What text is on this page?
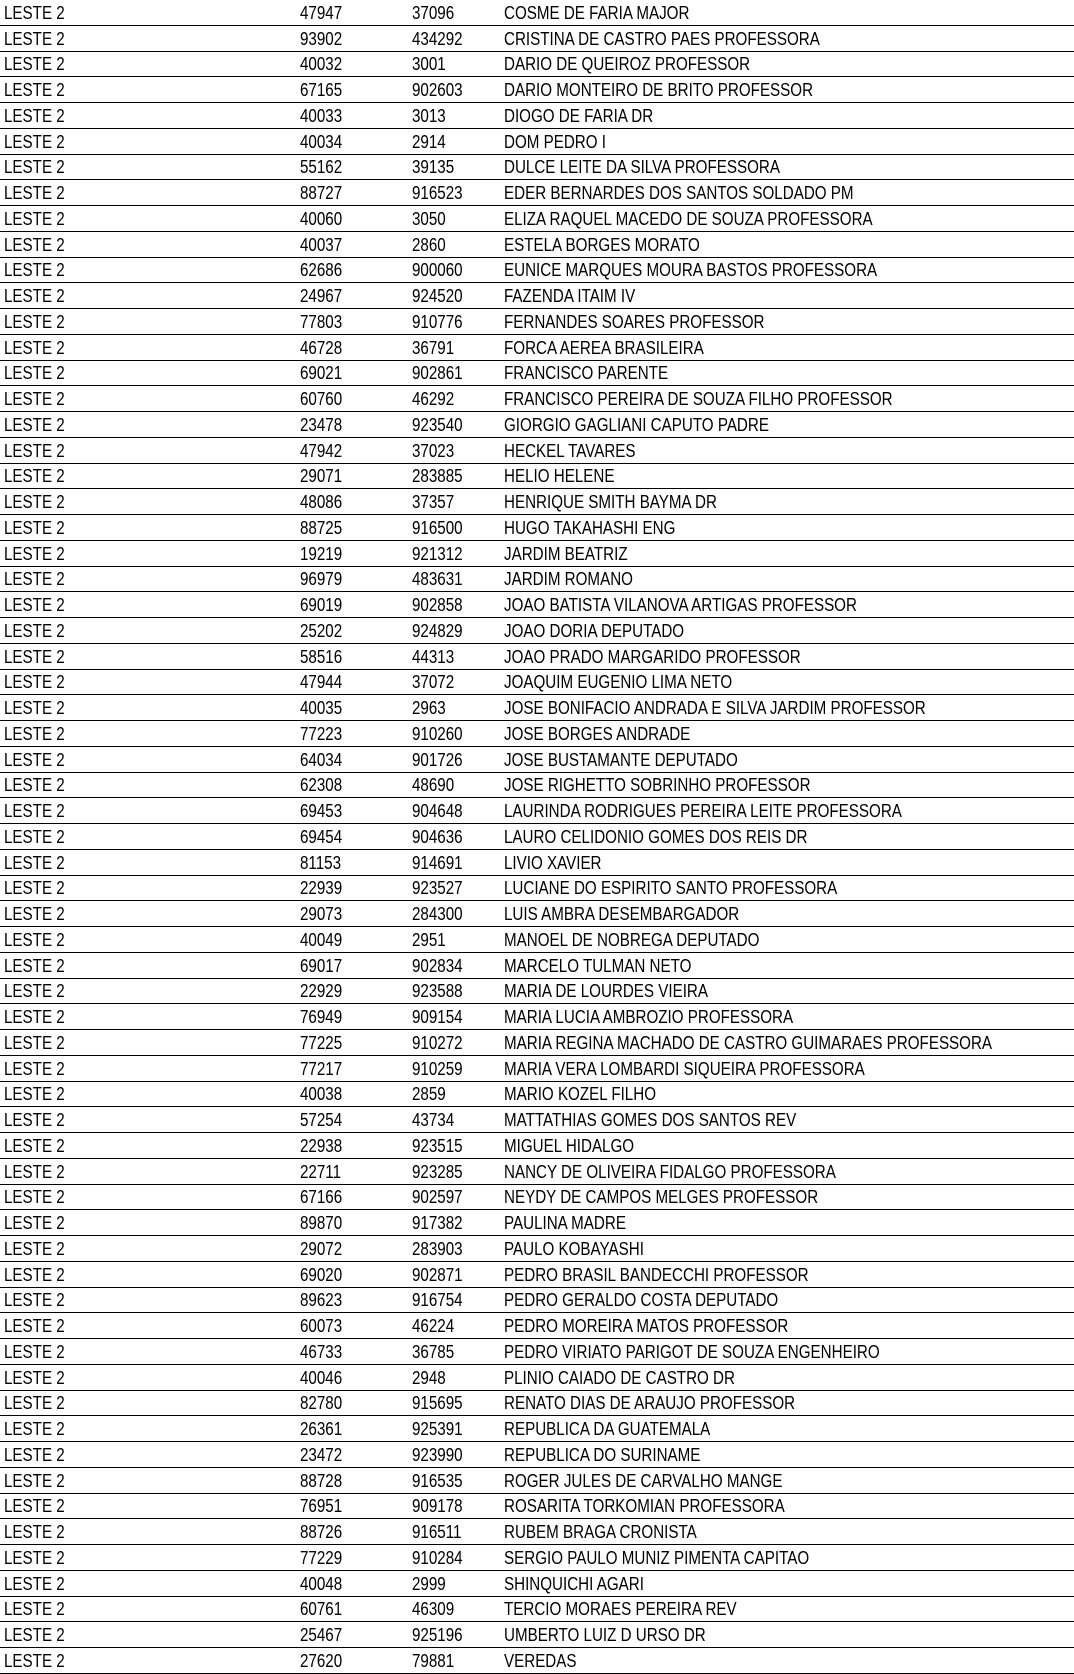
LESTE 2	47947	37096	COSME DE FARIA MAJOR
LESTE 2	93902	434292	CRISTINA DE CASTRO PAES PROFESSORA
LESTE 2	40032	3001	DARIO DE QUEIROZ PROFESSOR
LESTE 2	67165	902603	DARIO MONTEIRO DE BRITO PROFESSOR
LESTE 2	40033	3013	DIOGO DE FARIA DR
LESTE 2	40034	2914	DOM PEDRO I
LESTE 2	55162	39135	DULCE LEITE DA SILVA PROFESSORA
LESTE 2	88727	916523	EDER BERNARDES DOS SANTOS SOLDADO PM
LESTE 2	40060	3050	ELIZA RAQUEL MACEDO DE SOUZA PROFESSORA
LESTE 2	40037	2860	ESTELA BORGES MORATO
LESTE 2	62686	900060	EUNICE MARQUES MOURA BASTOS PROFESSORA
LESTE 2	24967	924520	FAZENDA ITAIM IV
LESTE 2	77803	910776	FERNANDES SOARES PROFESSOR
LESTE 2	46728	36791	FORCA AEREA BRASILEIRA
LESTE 2	69021	902861	FRANCISCO PARENTE
LESTE 2	60760	46292	FRANCISCO PEREIRA DE SOUZA FILHO PROFESSOR
LESTE 2	23478	923540	GIORGIO GAGLIANI CAPUTO PADRE
LESTE 2	47942	37023	HECKEL TAVARES
LESTE 2	29071	283885	HELIO HELENE
LESTE 2	48086	37357	HENRIQUE SMITH BAYMA DR
LESTE 2	88725	916500	HUGO TAKAHASHI ENG
LESTE 2	19219	921312	JARDIM BEATRIZ
LESTE 2	96979	483631	JARDIM ROMANO
LESTE 2	69019	902858	JOAO BATISTA VILANOVA ARTIGAS PROFESSOR
LESTE 2	25202	924829	JOAO DORIA DEPUTADO
LESTE 2	58516	44313	JOAO PRADO MARGARIDO PROFESSOR
LESTE 2	47944	37072	JOAQUIM EUGENIO LIMA NETO
LESTE 2	40035	2963	JOSE BONIFACIO ANDRADA E SILVA JARDIM PROFESSOR
LESTE 2	77223	910260	JOSE BORGES ANDRADE
LESTE 2	64034	901726	JOSE BUSTAMANTE DEPUTADO
LESTE 2	62308	48690	JOSE RIGHETTO SOBRINHO PROFESSOR
LESTE 2	69453	904648	LAURINDA RODRIGUES PEREIRA LEITE PROFESSORA
LESTE 2	69454	904636	LAURO CELIDONIO GOMES DOS REIS DR
LESTE 2	81153	914691	LIVIO XAVIER
LESTE 2	22939	923527	LUCIANE DO ESPIRITO SANTO PROFESSORA
LESTE 2	29073	284300	LUIS AMBRA DESEMBARGADOR
LESTE 2	40049	2951	MANOEL DE NOBREGA DEPUTADO
LESTE 2	69017	902834	MARCELO TULMAN NETO
LESTE 2	22929	923588	MARIA DE LOURDES VIEIRA
LESTE 2	76949	909154	MARIA LUCIA AMBROZIO PROFESSORA
LESTE 2	77225	910272	MARIA REGINA MACHADO DE CASTRO GUIMARAES PROFESSORA
LESTE 2	77217	910259	MARIA VERA LOMBARDI SIQUEIRA PROFESSORA
LESTE 2	40038	2859	MARIO KOZEL FILHO
LESTE 2	57254	43734	MATTATHIAS GOMES DOS SANTOS REV
LESTE 2	22938	923515	MIGUEL HIDALGO
LESTE 2	22711	923285	NANCY DE OLIVEIRA FIDALGO PROFESSORA
LESTE 2	67166	902597	NEYDY DE CAMPOS MELGES PROFESSOR
LESTE 2	89870	917382	PAULINA MADRE
LESTE 2	29072	283903	PAULO KOBAYASHI
LESTE 2	69020	902871	PEDRO BRASIL BANDECCHI PROFESSOR
LESTE 2	89623	916754	PEDRO GERALDO COSTA DEPUTADO
LESTE 2	60073	46224	PEDRO MOREIRA MATOS PROFESSOR
LESTE 2	46733	36785	PEDRO VIRIATO PARIGOT DE SOUZA ENGENHEIRO
LESTE 2	40046	2948	PLINIO CAIADO DE CASTRO DR
LESTE 2	82780	915695	RENATO DIAS DE ARAUJO PROFESSOR
LESTE 2	26361	925391	REPUBLICA DA GUATEMALA
LESTE 2	23472	923990	REPUBLICA DO SURINAME
LESTE 2	88728	916535	ROGER JULES DE CARVALHO MANGE
LESTE 2	76951	909178	ROSARITA TORKOMIAN PROFESSORA
LESTE 2	88726	916511	RUBEM BRAGA CRONISTA
LESTE 2	77229	910284	SERGIO PAULO MUNIZ PIMENTA CAPITAO
LESTE 2	40048	2999	SHINQUICHI AGARI
LESTE 2	60761	46309	TERCIO MORAES PEREIRA REV
LESTE 2	25467	925196	UMBERTO LUIZ D URSO DR
LESTE 2	27620	79881	VEREDAS
